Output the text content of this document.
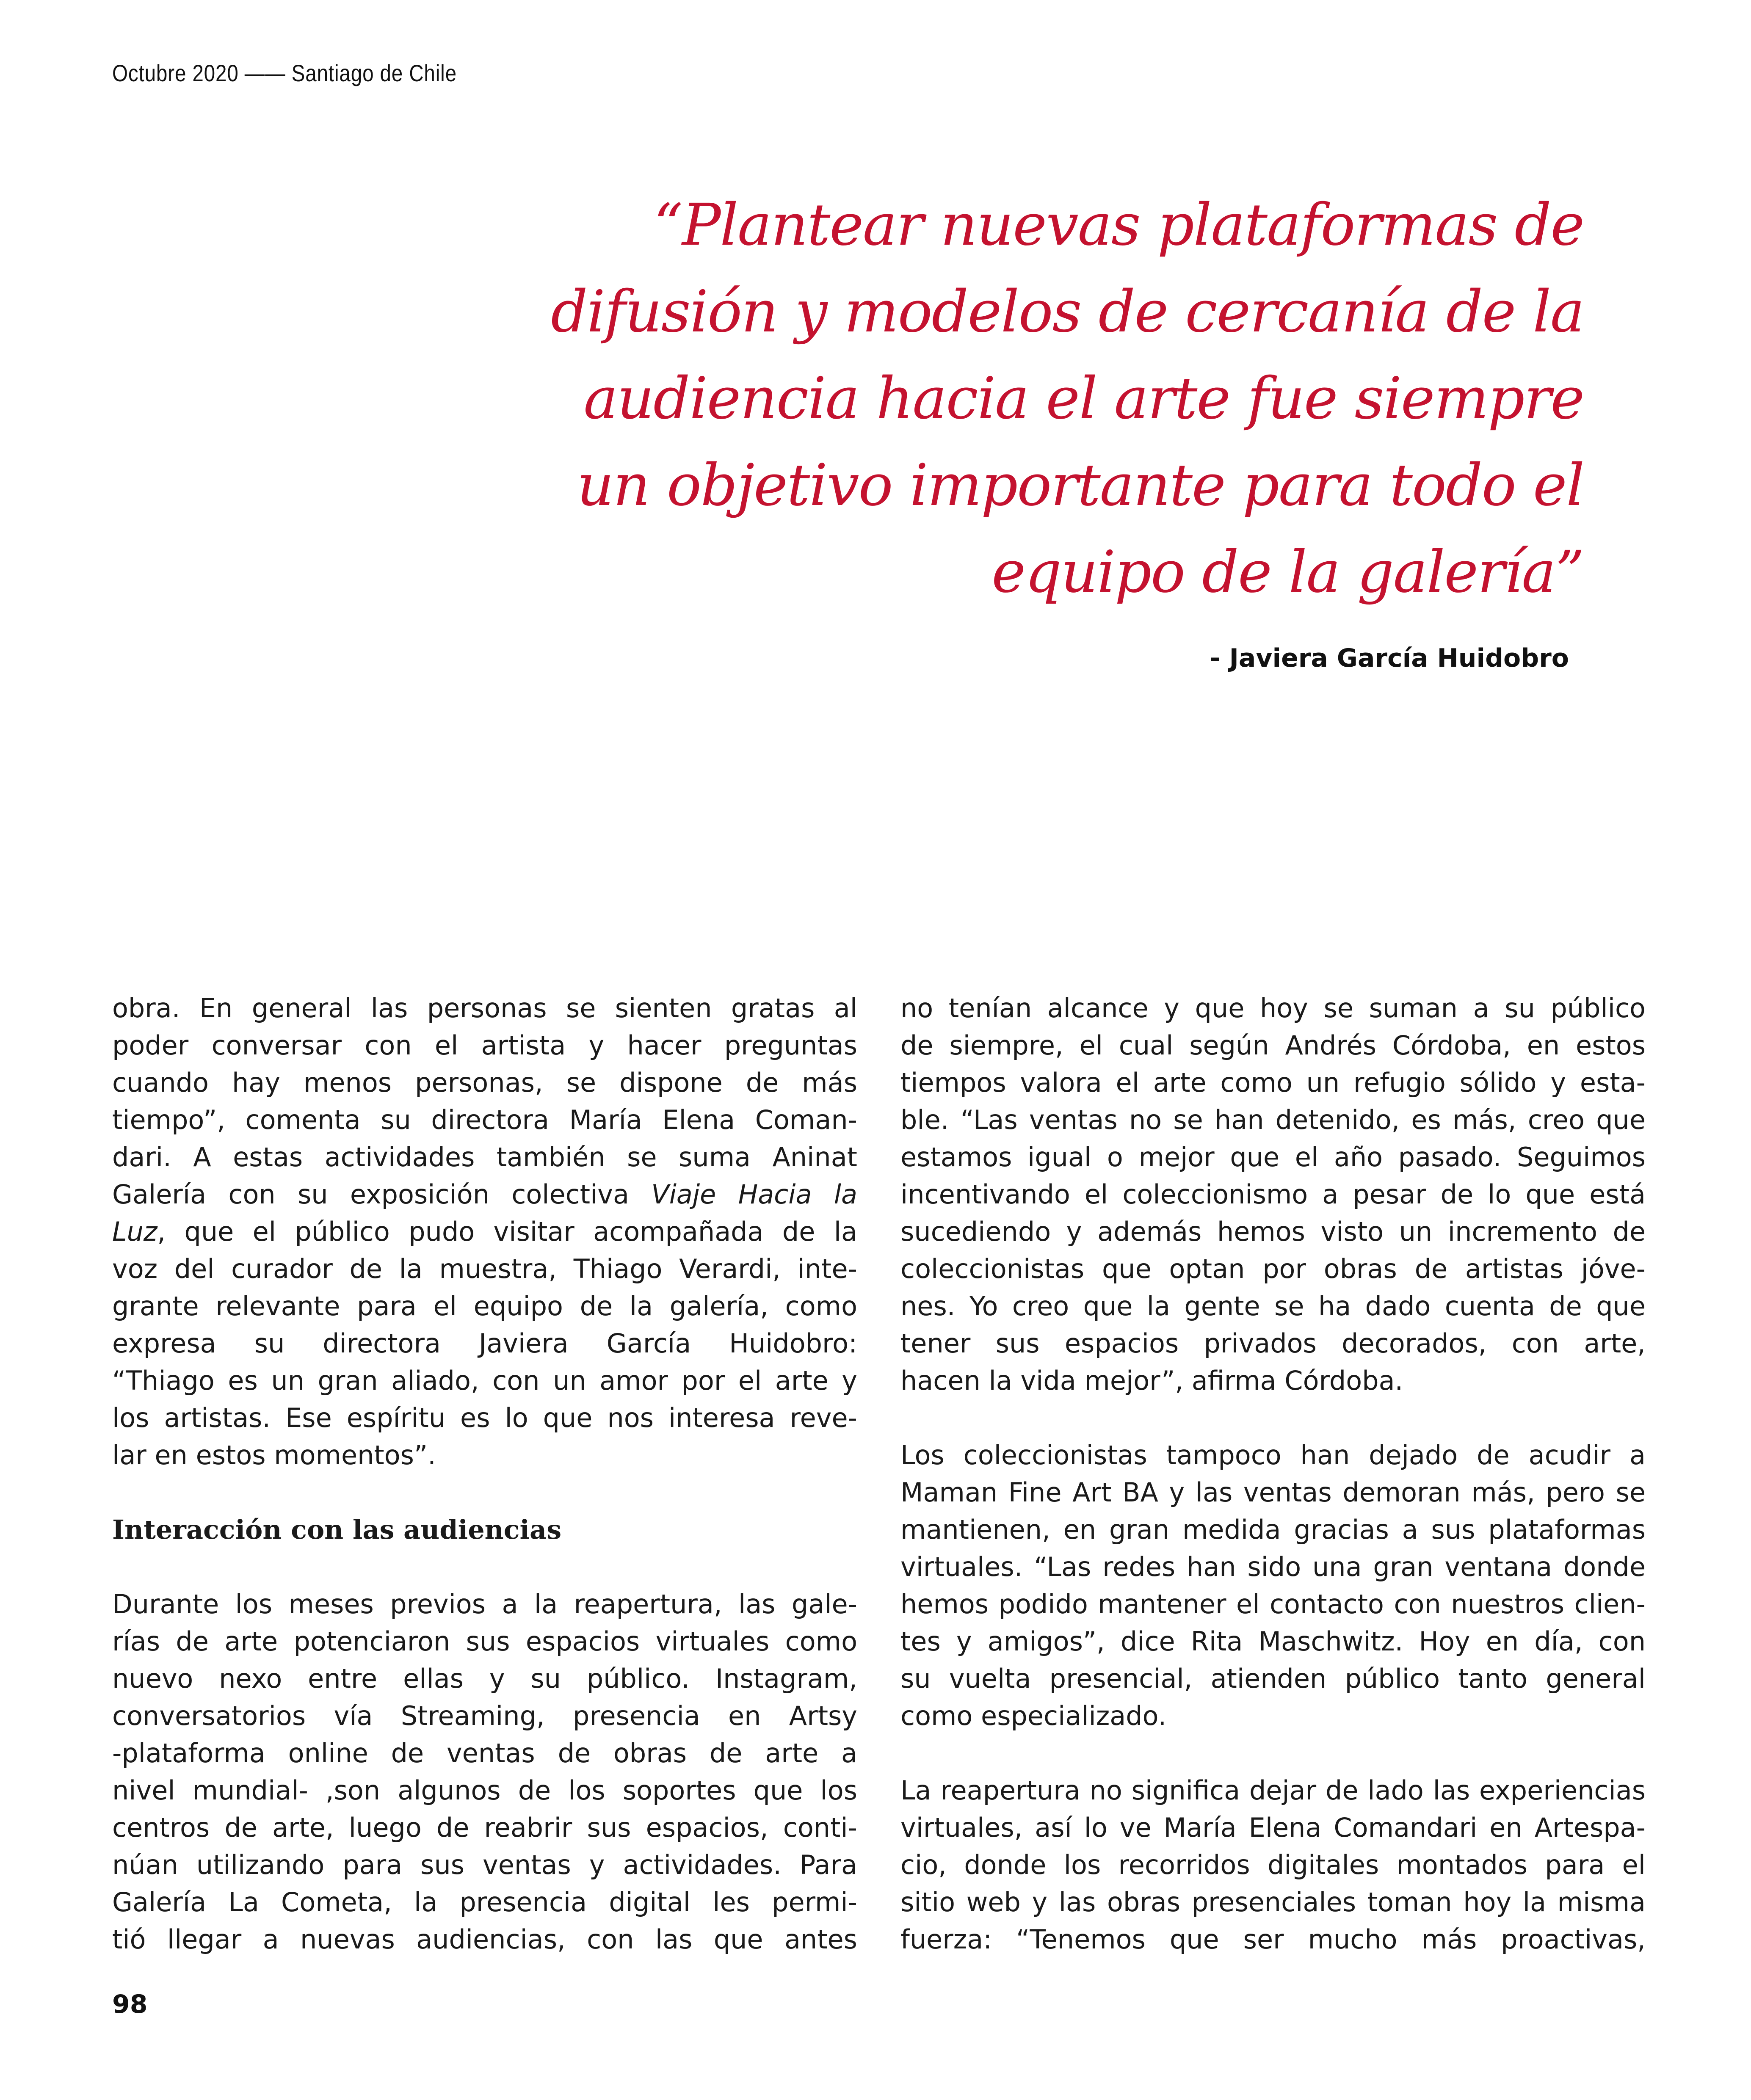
Octubre 2020 —— Santiago de Chile
“Plantear nuevas plataformas de
difusión y modelos de cercanía de la
audiencia hacia el arte fue siempre
un objetivo importante para todo el
equipo de la galería”
- Javiera García Huidobro
obra. En general las personas se sienten gratas al
poder conversar con el artista y hacer preguntas
cuando hay menos personas, se dispone de más
tiempo”, comenta su directora María Elena Coman-
dari. A estas actividades también se suma Aninat
Galería con su exposición colectiva Viaje Hacia la
Luz, que el público pudo visitar acompañada de la
voz del curador de la muestra, Thiago Verardi, inte-
grante relevante para el equipo de la galería, como
expresa su directora Javiera García Huidobro:
“Thiago es un gran aliado, con un amor por el arte y
los artistas. Ese espíritu es lo que nos interesa reve-
lar en estos momentos”.
Interacción con las audiencias
Durante los meses previos a la reapertura, las gale-
rías de arte potenciaron sus espacios virtuales como
nuevo nexo entre ellas y su público. Instagram,
conversatorios vía Streaming, presencia en Artsy
-plataforma online de ventas de obras de arte a
nivel mundial- ,son algunos de los soportes que los
centros de arte, luego de reabrir sus espacios, conti-
núan utilizando para sus ventas y actividades. Para
Galería La Cometa, la presencia digital les permi-
tió llegar a nuevas audiencias, con las que antes
no tenían alcance y que hoy se suman a su público
de siempre, el cual según Andrés Córdoba, en estos
tiempos valora el arte como un refugio sólido y esta-
ble. “Las ventas no se han detenido, es más, creo que
estamos igual o mejor que el año pasado. Seguimos
incentivando el coleccionismo a pesar de lo que está
sucediendo y además hemos visto un incremento de
coleccionistas que optan por obras de artistas jóve-
nes. Yo creo que la gente se ha dado cuenta de que
tener sus espacios privados decorados, con arte,
hacen la vida mejor”, afirma Córdoba.
Los coleccionistas tampoco han dejado de acudir a
Maman Fine Art BA y las ventas demoran más, pero se
mantienen, en gran medida gracias a sus plataformas
virtuales. “Las redes han sido una gran ventana donde
hemos podido mantener el contacto con nuestros clien-
tes y amigos”, dice Rita Maschwitz. Hoy en día, con
su vuelta presencial, atienden público tanto general
como especializado.
La reapertura no significa dejar de lado las experiencias
virtuales, así lo ve María Elena Comandari en Artespa-
cio, donde los recorridos digitales montados para el
sitio web y las obras presenciales toman hoy la misma
fuerza: “Tenemos que ser mucho más proactivas,
98
